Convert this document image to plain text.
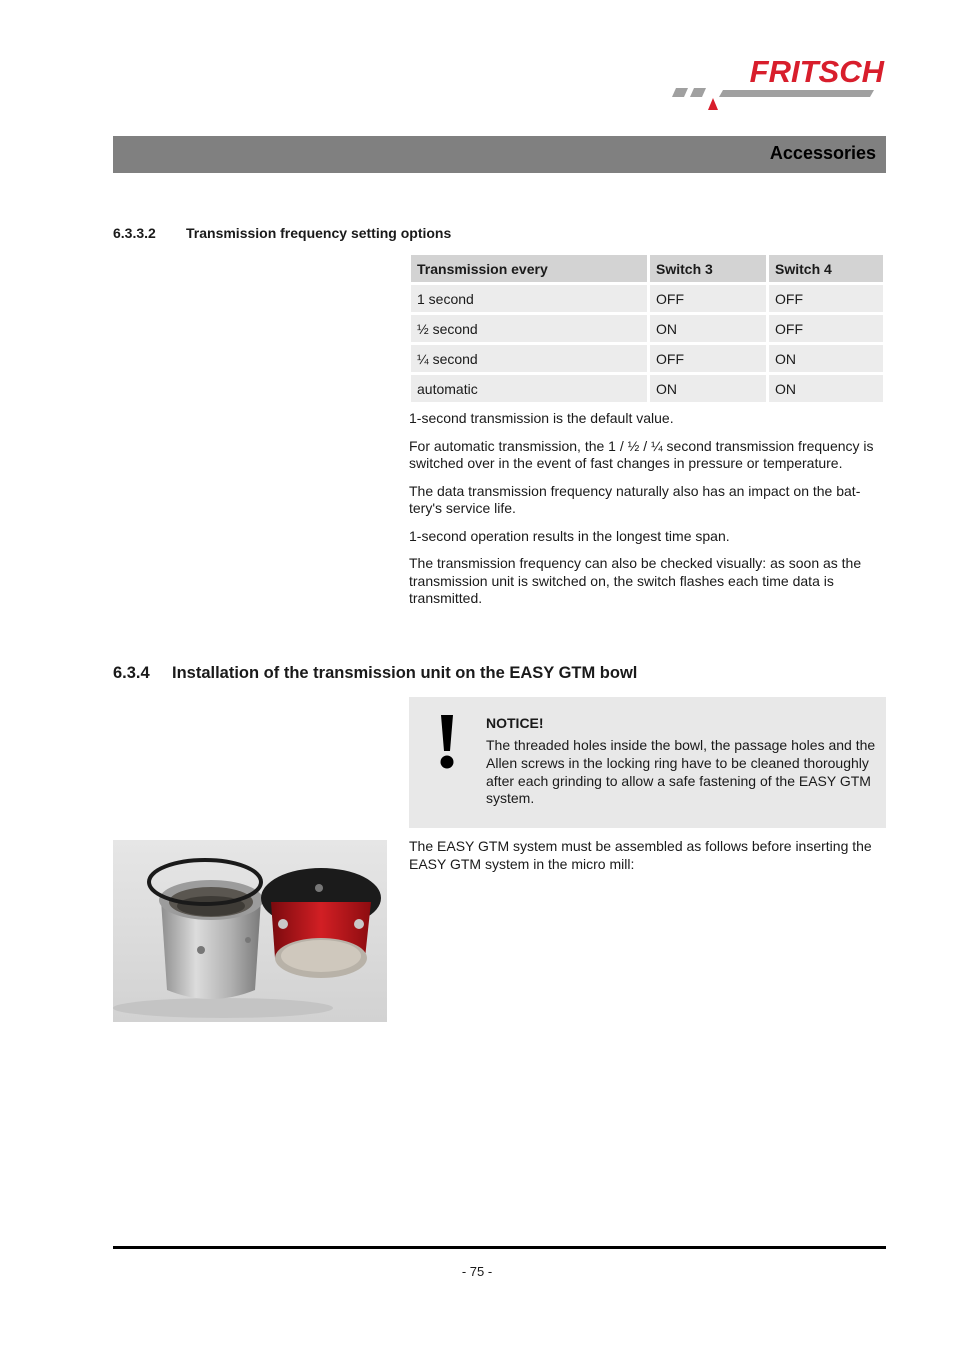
FRITSCH
Accessories
6.3.3.2 Transmission frequency setting options
Transmission every	Switch 3	Switch 4
1 second	OFF	OFF
½ second	ON	OFF
¼ second	OFF	ON
automatic	ON	ON

1-second transmission is the default value.

For automatic transmission, the 1 / ½ / ¼ second transmission frequency is switched over in the event of fast changes in pressure or temperature.

The data transmission frequency naturally also has an impact on the battery's service life.

1-second operation results in the longest time span.

The transmission frequency can also be checked visually: as soon as the transmission unit is switched on, the switch flashes each time data is transmitted.

6.3.4 Installation of the transmission unit on the EASY GTM bowl
NOTICE!
The threaded holes inside the bowl, the passage holes and the Allen screws in the locking ring have to be cleaned thoroughly after each grinding to allow a safe fastening of the EASY GTM system.
The EASY GTM system must be assembled as follows before inserting the EASY GTM system in the micro mill:
- 75 -
